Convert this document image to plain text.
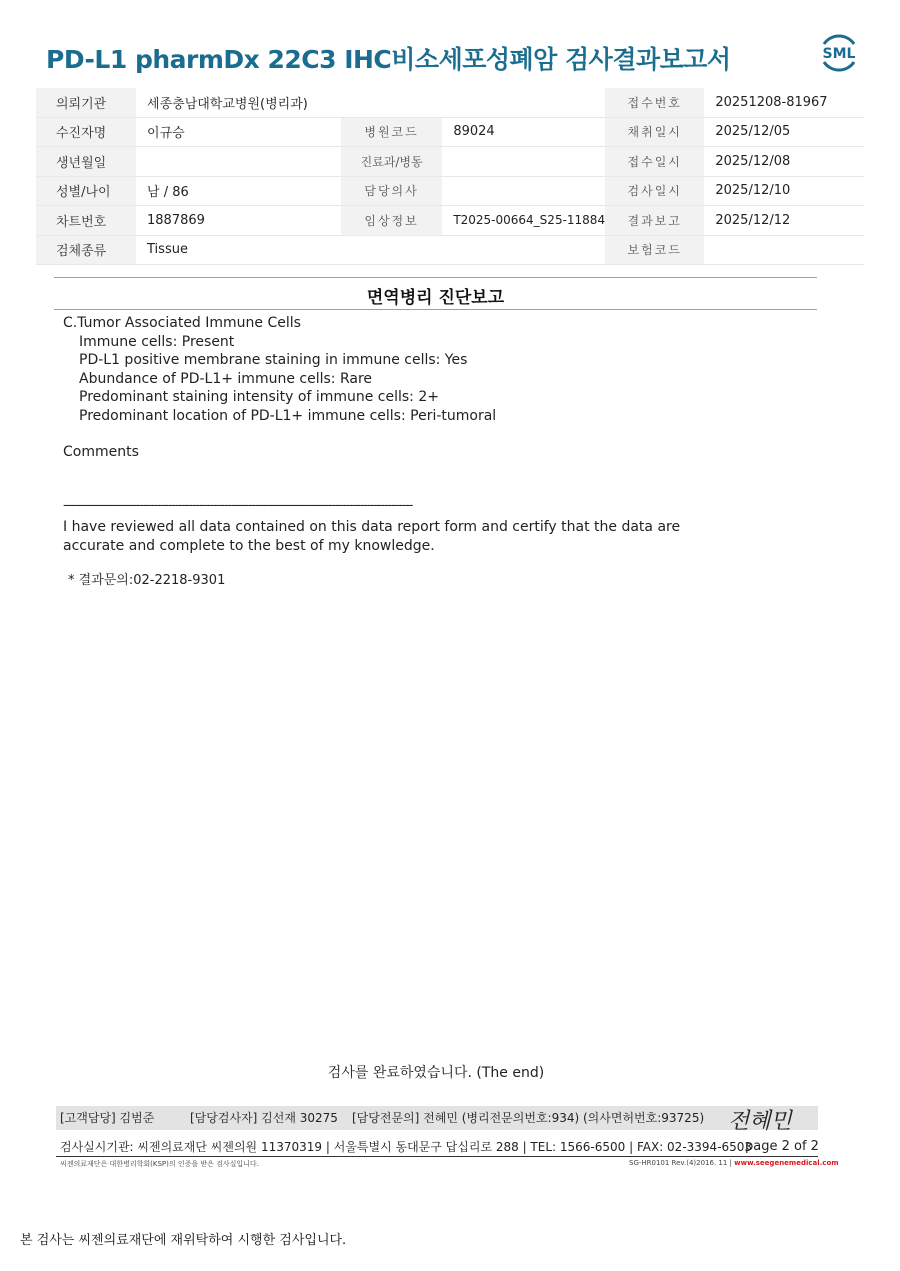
PD-L1 pharmDx 22C3 IHC비소세포성폐암 검사결과보고서	SML
의뢰기관	세종충남대학교병원(병리과)			접수번호	20251208-81967
수진자명	이규승	병원코드	89024	채취일시	2025/12/05
생년월일		진료과/병동		접수일시	2025/12/08
성별/나이	남 / 86	담당의사		검사일시	2025/12/10
차트번호	1887869	임상정보	T2025-00664_S25-11884	결과보고	2025/12/12
검체종류	Tissue			보험코드	
면역병리 진단보고
C.Tumor Associated Immune Cells
Immune cells: Present
PD-L1 positive membrane staining in immune cells: Yes
Abundance of PD-L1+ immune cells: Rare
Predominant staining intensity of immune cells: 2+
Predominant location of PD-L1+ immune cells: Peri-tumoral
Comments
----------------------------------------------------------------------------------------------------
I have reviewed all data contained on this data report form and certify that the data are accurate and complete to the best of my knowledge.
* 결과문의:02-2218-9301
검사를 완료하였습니다. (The end)
[고객담당] 김범준	[담당검사자] 김선재 30275 [담당전문의] 전혜민 (병리전문의번호:934) (의사면허번호:93725) 전혜민
검사실시기관: 씨젠의료재단 씨젠의원 11370319 | 서울특별시 동대문구 답십리로 288 | TEL: 1566-6500 | FAX: 02-3394-6503
page 2 of 2
씨젠의료재단은 대한병리학회(KSP)의 인증을 받은 검사실입니다.	SG-HR0101 Rev.(4)2016. 11 | www.seegenemedical.com
본 검사는 씨젠의료재단에 재위탁하여 시행한 검사입니다.
